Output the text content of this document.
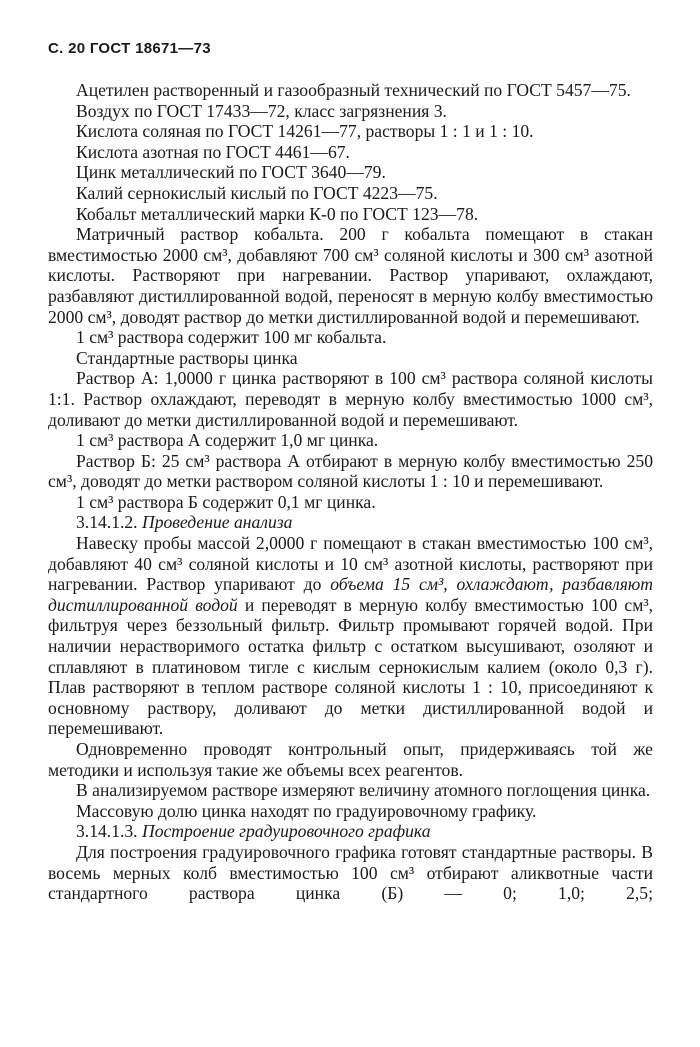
С. 20 ГОСТ 18671—73

Ацетилен растворенный и газообразный технический по ГОСТ 5457—75.

Воздух по ГОСТ 17433—72, класс загрязнения 3.

Кислота соляная по ГОСТ 14261—77, растворы 1 : 1 и 1 : 10.

Кислота азотная по ГОСТ 4461—67.

Цинк металлический по ГОСТ 3640—79.

Калий сернокислый кислый по ГОСТ 4223—75.

Кобальт металлический марки К-0 по ГОСТ 123—78.

Матричный раствор кобальта. 200 г кобальта помещают в стакан вместимостью 2000 см³, добавляют 700 см³ соляной кислоты и 300 см³ азотной кислоты. Растворяют при нагревании. Раствор упаривают, охлаждают, разбавляют дистиллированной водой, переносят в мерную колбу вместимостью 2000 см³, доводят раствор до метки дистиллированной водой и перемешивают.

1 см³ раствора содержит 100 мг кобальта.

Стандартные растворы цинка

Раствор А: 1,0000 г цинка растворяют в 100 см³ раствора соляной кислоты 1:1. Раствор охлаждают, переводят в мерную колбу вместимостью 1000 см³, доливают до метки дистиллированной водой и перемешивают.

1 см³ раствора А содержит 1,0 мг цинка.

Раствор Б: 25 см³ раствора А отбирают в мерную колбу вместимостью 250 см³, доводят до метки раствором соляной кислоты 1 : 10 и перемешивают.

1 см³ раствора Б содержит 0,1 мг цинка.

3.14.1.2. Проведение анализа

Навеску пробы массой 2,0000 г помещают в стакан вместимостью 100 см³, добавляют 40 см³ соляной кислоты и 10 см³ азотной кислоты, растворяют при нагревании. Раствор упаривают до объема 15 см³, охлаждают, разбавляют дистиллированной водой и переводят в мерную колбу вместимостью 100 см³, фильтруя через беззольный фильтр. Фильтр промывают горячей водой. При наличии нерастворимого остатка фильтр с остатком высушивают, озоляют и сплавляют в платиновом тигле с кислым сернокислым калием (около 0,3 г). Плав растворяют в теплом растворе соляной кислоты 1 : 10, присоединяют к основному раствору, доливают до метки дистиллированной водой и перемешивают.

Одновременно проводят контрольный опыт, придерживаясь той же методики и используя такие же объемы всех реагентов.

В анализируемом растворе измеряют величину атомного поглощения цинка.

Массовую долю цинка находят по градуировочному графику.

3.14.1.3. Построение градуировочного графика

Для построения градуировочного графика готовят стандартные растворы. В восемь мерных колб вместимостью 100 см³ отбирают аликвотные части стандартного раствора цинка (Б) — 0; 1,0; 2,5;
